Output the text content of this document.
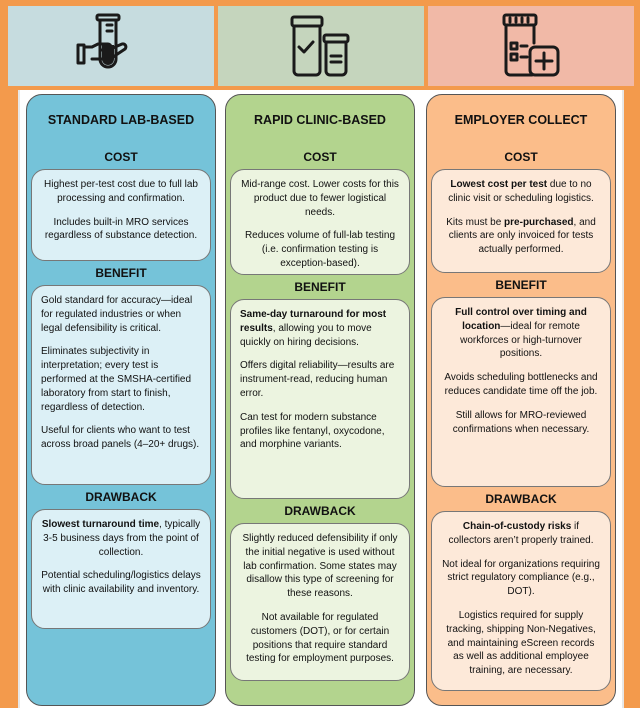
STANDARD LAB-BASED
COST

Highest per-test cost due to full lab processing and confirmation.

Includes built-in MRO services regardless of substance detection.

BENEFIT

Gold standard for accuracy—ideal for regulated industries or when legal defensibility is critical.

Eliminates subjectivity in interpretation; every test is performed at the SMSHA-certified laboratory from start to finish, regardless of detection.

Useful for clients who want to test across broad panels (4–20+ drugs).

DRAWBACK

Slowest turnaround time, typically 3-5 business days from the point of collection.

Potential scheduling/logistics delays with clinic availability and inventory.

RAPID CLINIC-BASED
COST

Mid-range cost. Lower costs for this product due to fewer logistical needs.

Reduces volume of full-lab testing (i.e. confirmation testing is exception-based).

BENEFIT

Same-day turnaround for most results, allowing you to move quickly on hiring decisions.

Offers digital reliability—results are instrument-read, reducing human error.

Can test for modern substance profiles like fentanyl, oxycodone, and morphine variants.

DRAWBACK

Slightly reduced defensibility if only the initial negative is used without lab confirmation. Some states may disallow this type of screening for these reasons.

Not available for regulated customers (DOT), or for certain positions that require standard testing for employment purposes.

EMPLOYER COLLECT
COST

Lowest cost per test due to no clinic visit or scheduling logistics.

Kits must be pre-purchased, and clients are only invoiced for tests actually performed.

BENEFIT

Full control over timing and location—ideal for remote workforces or high-turnover positions.

Avoids scheduling bottlenecks and reduces candidate time off the job.

Still allows for MRO-reviewed confirmations when necessary.

DRAWBACK

Chain-of-custody risks if collectors aren’t properly trained.

Not ideal for organizations requiring strict regulatory compliance (e.g., DOT).

Logistics required for supply tracking, shipping Non-Negatives, and maintaining eScreen records as well as additional employee training, are necessary.
